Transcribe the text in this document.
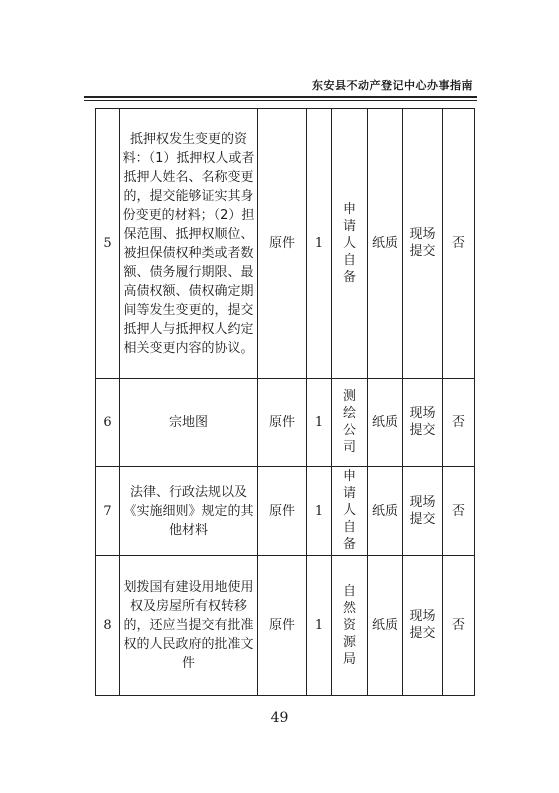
东安县不动产登记中心办事指南
5	抵押权发生变更的资料：（1）抵押权人或者抵押人姓名、名称变更的，提交能够证实其身份变更的材料；（2）担保范围、抵押权顺位、被担保债权种类或者数额、债务履行期限、最高债权额、债权确定期间等发生变更的，提交抵押人与抵押权人约定相关变更内容的协议。	原件	1	申请人自备	纸质	现场提交	否
6	宗地图	原件	1	测绘公司	纸质	现场提交	否
7	法律、行政法规以及《实施细则》规定的其他材料	原件	1	申请人自备	纸质	现场提交	否
8	划拨国有建设用地使用权及房屋所有权转移的，还应当提交有批准权的人民政府的批准文件	原件	1	自然资源局	纸质	现场提交	否
49
